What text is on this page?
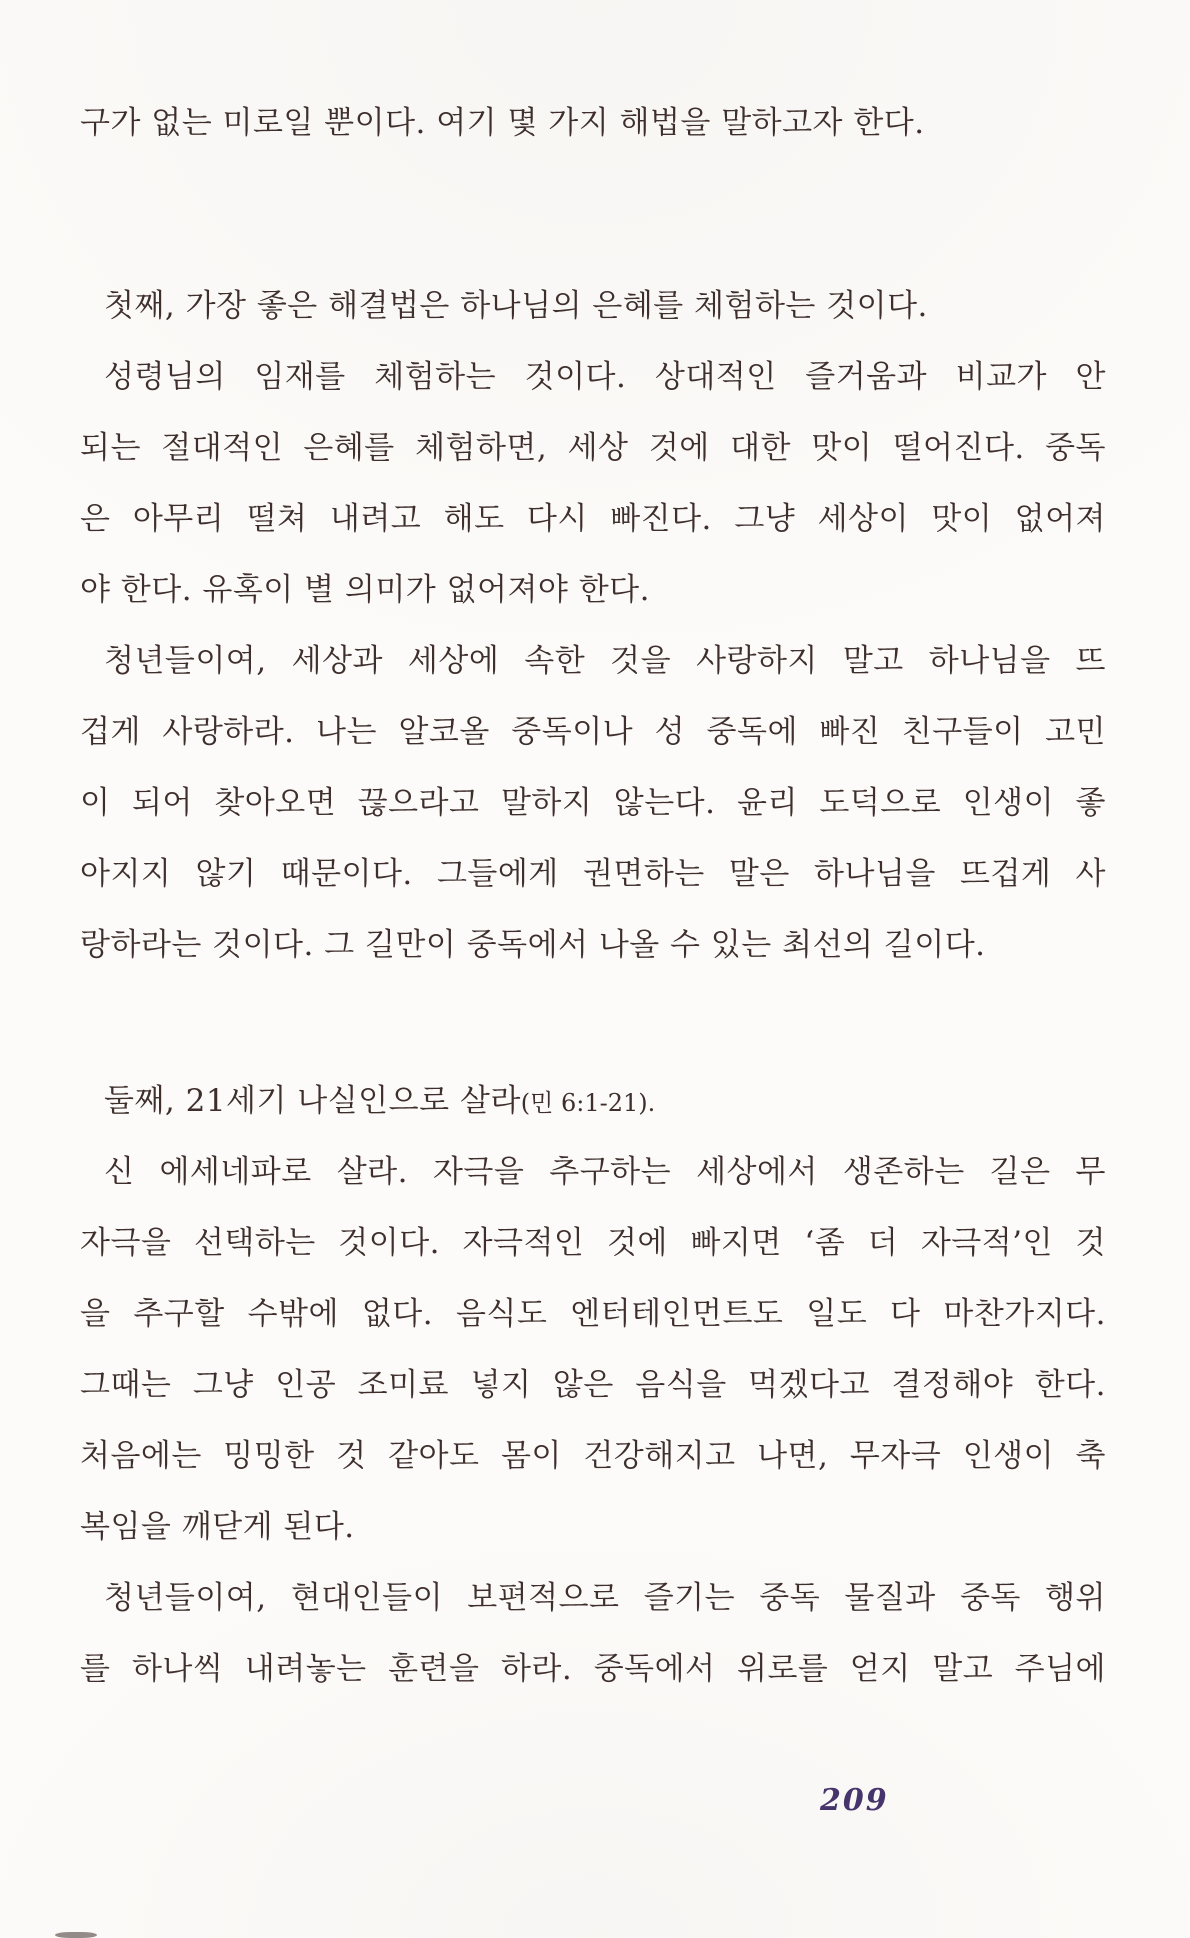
구가 없는 미로일 뿐이다. 여기 몇 가지 해법을 말하고자 한다.
첫째, 가장 좋은 해결법은 하나님의 은혜를 체험하는 것이다.
성령님의 임재를 체험하는 것이다. 상대적인 즐거움과 비교가 안
되는 절대적인 은혜를 체험하면, 세상 것에 대한 맛이 떨어진다. 중독
은 아무리 떨쳐 내려고 해도 다시 빠진다. 그냥 세상이 맛이 없어져
야 한다. 유혹이 별 의미가 없어져야 한다.
청년들이여, 세상과 세상에 속한 것을 사랑하지 말고 하나님을 뜨
겁게 사랑하라. 나는 알코올 중독이나 성 중독에 빠진 친구들이 고민
이 되어 찾아오면 끊으라고 말하지 않는다. 윤리 도덕으로 인생이 좋
아지지 않기 때문이다. 그들에게 권면하는 말은 하나님을 뜨겁게 사
랑하라는 것이다. 그 길만이 중독에서 나올 수 있는 최선의 길이다.
둘째, 21세기 나실인으로 살라(민 6:1-21).
신 에세네파로 살라. 자극을 추구하는 세상에서 생존하는 길은 무
자극을 선택하는 것이다. 자극적인 것에 빠지면 ‘좀 더 자극적’인 것
을 추구할 수밖에 없다. 음식도 엔터테인먼트도 일도 다 마찬가지다.
그때는 그냥 인공 조미료 넣지 않은 음식을 먹겠다고 결정해야 한다.
처음에는 밍밍한 것 같아도 몸이 건강해지고 나면, 무자극 인생이 축
복임을 깨닫게 된다.
청년들이여, 현대인들이 보편적으로 즐기는 중독 물질과 중독 행위
를 하나씩 내려놓는 훈련을 하라. 중독에서 위로를 얻지 말고 주님에
209
